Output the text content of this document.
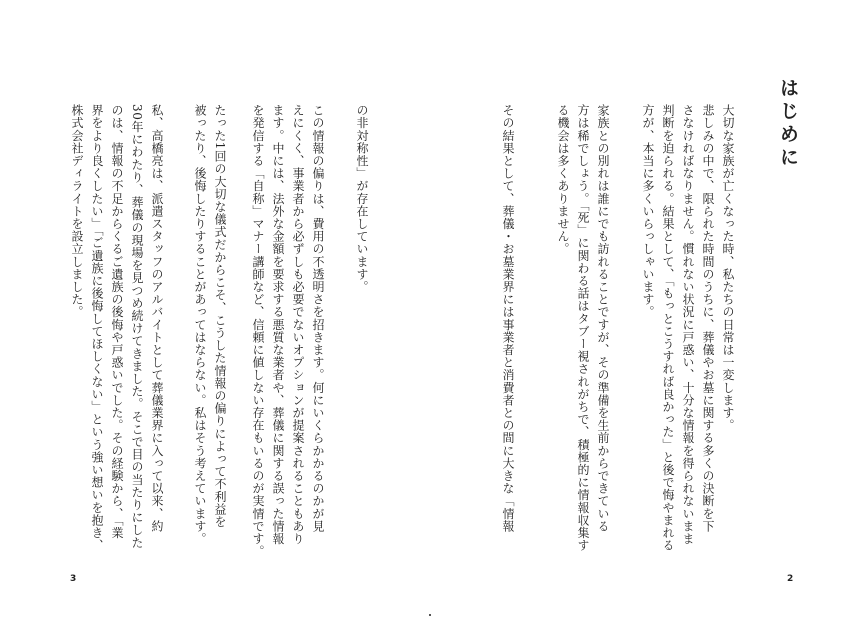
はじめに
大切な家族が亡くなった時、私たちの日常は一変します。
悲しみの中で、限られた時間のうちに、葬儀やお墓に関する多くの決断を下
さなければなりません。慣れない状況に戸惑い、十分な情報を得られないまま
判断を迫られる。結果として、「もっとこうすれば良かった」と後で悔やまれる
方が、本当に多くいらっしゃいます。
家族との別れは誰にでも訪れることですが、その準備を生前からできている
方は稀でしょう。「死」に関わる話はタブー視されがちで、積極的に情報収集す
る機会は多くありません。
その結果として、葬儀・お墓業界には事業者と消費者との間に大きな「情報
2
の非対称性」が存在しています。
この情報の偏りは、費用の不透明さを招きます。何にいくらかかるのかが見
えにくく、事業者から必ずしも必要でないオプションが提案されることもあり
ます。中には、法外な金額を要求する悪質な業者や、葬儀に関する誤った情報
を発信する「自称」マナー講師など、信頼に値しない存在もいるのが実情です。
たった1回の大切な儀式だからこそ、こうした情報の偏りによって不利益を
被ったり、後悔したりすることがあってはならない。私はそう考えています。
私、高橋亮は、派遣スタッフのアルバイトとして葬儀業界に入って以来、約
30年にわたり、葬儀の現場を見つめ続けてきました。そこで目の当たりにした
のは、情報の不足からくるご遺族の後悔や戸惑いでした。その経験から、「業
界をより良くしたい」「ご遺族に後悔してほしくない」という強い想いを抱き、
株式会社ディライトを設立しました。
3
